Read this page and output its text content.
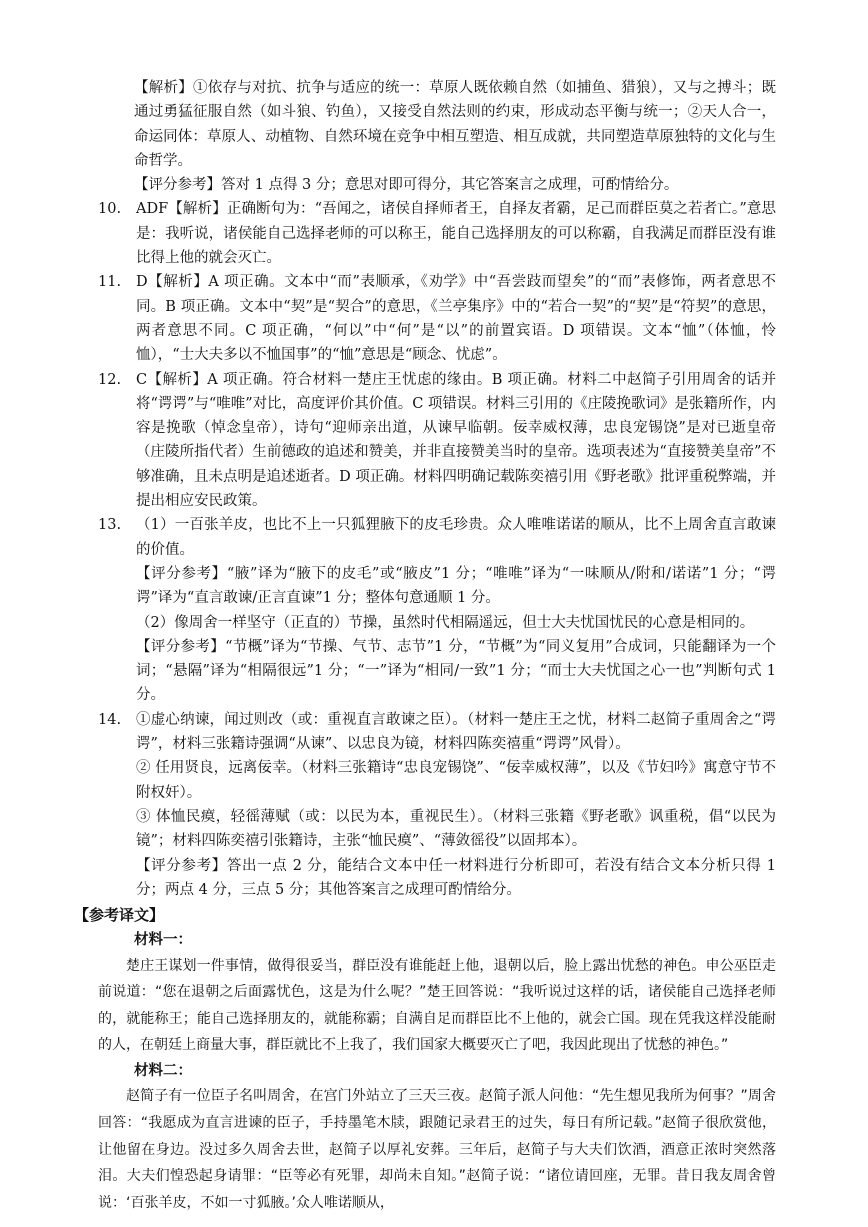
【解析】①依存与对抗、抗争与适应的统一：草原人既依赖自然（如捕鱼、猎狼），又与之搏斗；既通过勇猛征服自然（如斗狼、钓鱼），又接受自然法则的约束，形成动态平衡与统一；②天人合一，命运同体：草原人、动植物、自然环境在竞争中相互塑造、相互成就，共同塑造草原独特的文化与生命哲学。
【评分参考】答对 1 点得 3 分；意思对即可得分，其它答案言之成理，可酌情给分。
10.	ADF【解析】正确断句为：“吾闻之，诸侯自择师者王，自择友者霸，足己而群臣莫之若者亡。”意思是：我听说，诸侯能自己选择老师的可以称王，能自己选择朋友的可以称霸，自我满足而群臣没有谁比得上他的就会灭亡。
11.	D【解析】A 项正确。文本中“而”表顺承，《劝学》中“吾尝跂而望矣”的“而”表修饰，两者意思不同。B 项正确。文本中“契”是“契合”的意思，《兰亭集序》中的“若合一契”的“契”是“符契”的意思，两者意思不同。C 项正确，“何以”中“何”是“以”的前置宾语。D 项错误。文本“恤”（体恤，怜恤），“士大夫多以不恤国事”的“恤”意思是“顾念、忧虑”。
12.	C【解析】A 项正确。符合材料一楚庄王忧虑的缘由。B 项正确。材料二中赵简子引用周舍的话并将“谔谔”与“唯唯”对比，高度评价其价值。C 项错误。材料三引用的《庄陵挽歌词》是张籍所作，内容是挽歌（悼念皇帝），诗句“迎师亲出道，从谏早临朝。佞幸威权薄，忠良宠锡饶”是对已逝皇帝（庄陵所指代者）生前德政的追述和赞美，并非直接赞美当时的皇帝。选项表述为“直接赞美皇帝”不够准确，且未点明是追述逝者。D 项正确。材料四明确记载陈奕禧引用《野老歌》批评重税弊端，并提出相应安民政策。
13.	（1）一百张羊皮，也比不上一只狐狸腋下的皮毛珍贵。众人唯唯诺诺的顺从，比不上周舍直言敢谏的价值。
【评分参考】“腋”译为“腋下的皮毛”或“腋皮”1 分；“唯唯”译为“一味顺从/附和/诺诺”1 分；“谔谔”译为“直言敢谏/正言直谏”1 分；整体句意通顺 1 分。
（2）像周舍一样坚守（正直的）节操，虽然时代相隔遥远，但士大夫忧国忧民的心意是相同的。
【评分参考】“节概”译为“节操、气节、志节”1 分，“节概”为“同义复用”合成词，只能翻译为一个词；“悬隔”译为“相隔很远”1 分；“一”译为“相同/一致”1 分；“而士大夫忧国之心一也”判断句式 1 分。
14.	①虚心纳谏，闻过则改（或：重视直言敢谏之臣）。（材料一楚庄王之忧，材料二赵简子重周舍之“谔谔”，材料三张籍诗强调“从谏”、以忠良为镜，材料四陈奕禧重“谔谔”风骨）。
② 任用贤良，远离佞幸。（材料三张籍诗“忠良宠锡饶”、“佞幸威权薄”，以及《节妇吟》寓意守节不附权奸）。
③ 体恤民瘼，轻徭薄赋（或：以民为本，重视民生）。（材料三张籍《野老歌》讽重税，倡“以民为镜”；材料四陈奕禧引张籍诗，主张“恤民瘼”、“薄敛徭役”以固邦本）。
【评分参考】答出一点 2 分，能结合文本中任一材料进行分析即可，若没有结合文本分析只得 1 分；两点 4 分，三点 5 分；其他答案言之成理可酌情给分。
【参考译文】
材料一：
楚庄王谋划一件事情，做得很妥当，群臣没有谁能赶上他，退朝以后，脸上露出忧愁的神色。申公巫臣走前说道：“您在退朝之后面露忧色，这是为什么呢？”楚王回答说：“我听说过这样的话，诸侯能自己选择老师的，就能称王；能自己选择朋友的，就能称霸；自满自足而群臣比不上他的，就会亡国。现在凭我这样没能耐的人，在朝廷上商量大事，群臣就比不上我了，我们国家大概要灭亡了吧，我因此现出了忧愁的神色。”
材料二：
赵简子有一位臣子名叫周舍，在宫门外站立了三天三夜。赵简子派人问他：“先生想见我所为何事？”周舍回答：“我愿成为直言进谏的臣子，手持墨笔木牍，跟随记录君王的过失，每日有所记载。”赵简子很欣赏他，让他留在身边。没过多久周舍去世，赵简子以厚礼安葬。三年后，赵简子与大夫们饮酒，酒意正浓时突然落泪。大夫们惶恐起身请罪：“臣等必有死罪，却尚未自知。”赵简子说：“诸位请回座，无罪。昔日我友周舍曾说：‘百张羊皮，不如一寸狐腋。’众人唯诺顺从，
